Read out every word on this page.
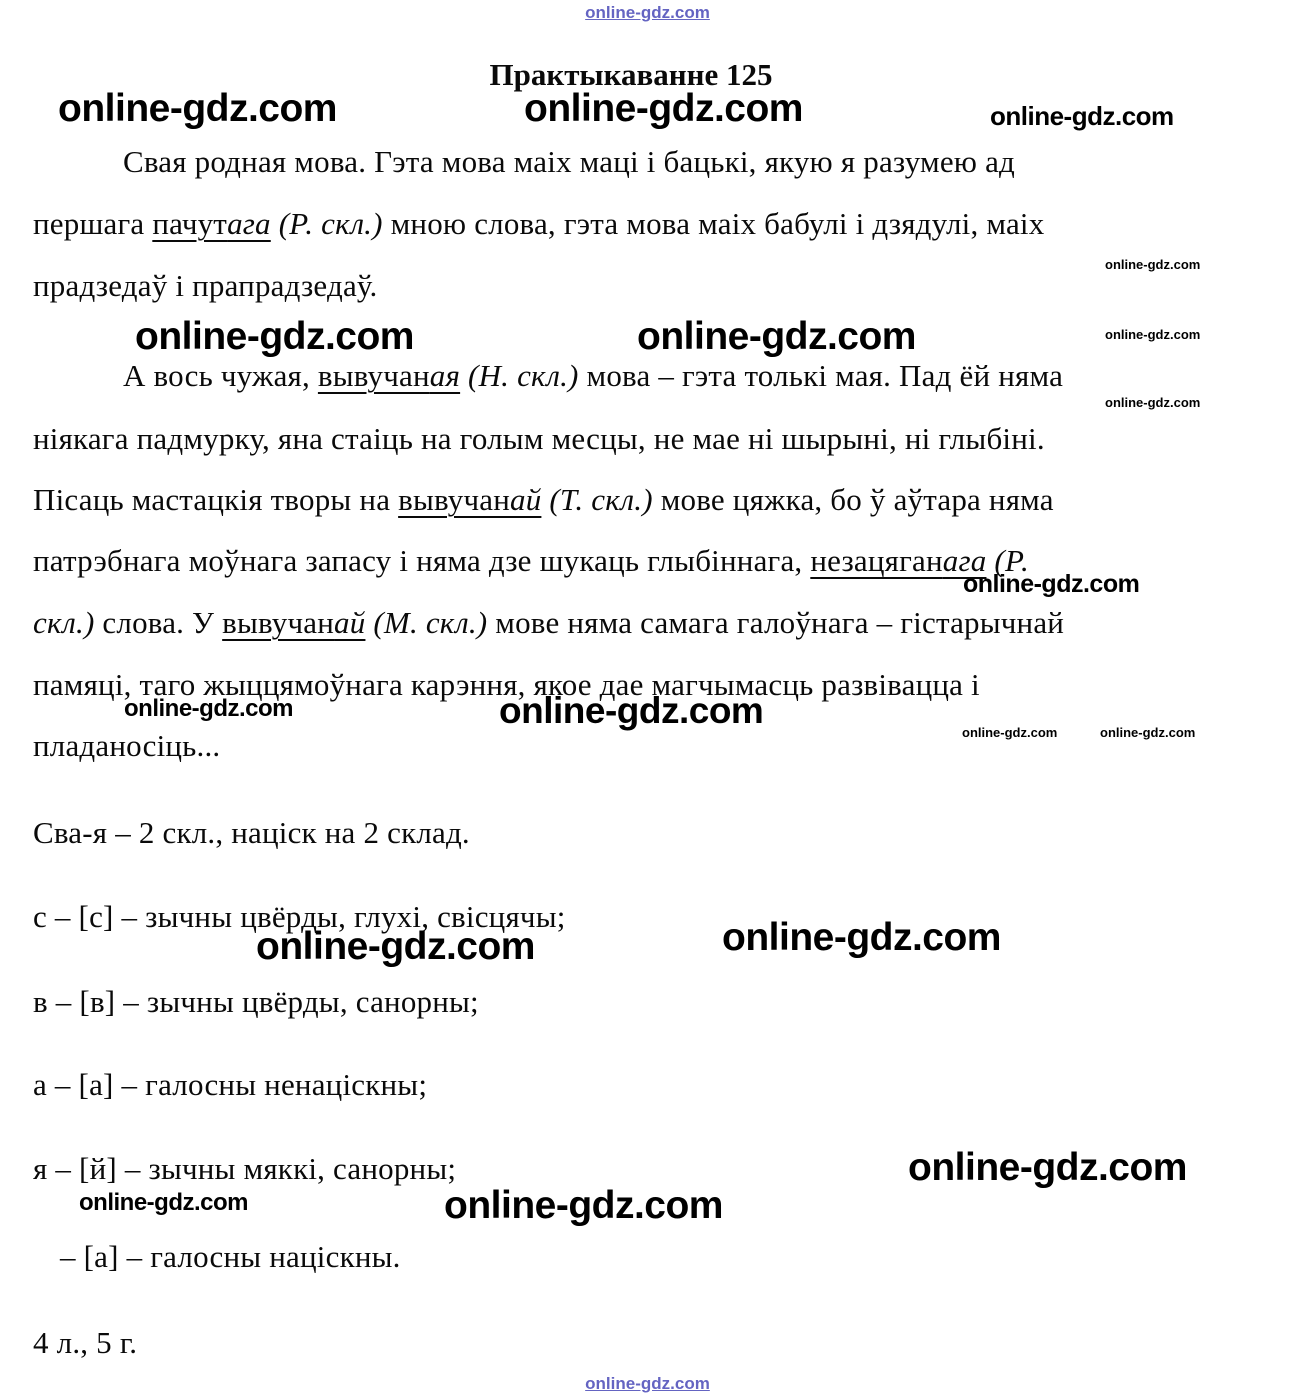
online-gdz.com
Практыкаванне 125
online-gdz.com	online-gdz.com	online-gdz.com
Свая родная мова. Гэта мова маіх маці і бацькі, якую я разумею ад
першага пачутага (Р. скл.) мною слова, гэта мова маіх бабулі і дзядулі, маіх
online-gdz.com
прадзедаў і прапрадзедаў.
online-gdz.com	online-gdz.com	online-gdz.com
А вось чужая, вывучаная (Н. скл.) мова – гэта толькі мая. Пад ёй няма
online-gdz.com
ніякага падмурку, яна стаіць на голым месцы, не мае ні шырыні, ні глыбіні.
Пісаць мастацкія творы на вывучанай (Т. скл.) мове цяжка, бо ў аўтара няма
патрэбнага моўнага запасу і няма дзе шукаць глыбіннага, незацяганага (Р.
online-gdz.com
скл.) слова. У вывучанай (М. скл.) мове няма самага галоўнага – гістарычнай
памяці, таго жыццямоўнага карэння, якое дае магчымасць развівацца і
online-gdz.com	online-gdz.com
online-gdz.com	online-gdz.com
пладаносіць...
Сва-я – 2 скл., націск на 2 склад.
с – [с] – зычны цвёрды, глухі, свісцячы;
online-gdz.com	online-gdz.com
в – [в] – зычны цвёрды, санорны;
а – [а] – галосны ненаціскны;
я – [й] – зычны мяккі, санорны;	online-gdz.com
online-gdz.com	online-gdz.com
– [а] – галосны націскны.
4 л., 5 г.
online-gdz.com
